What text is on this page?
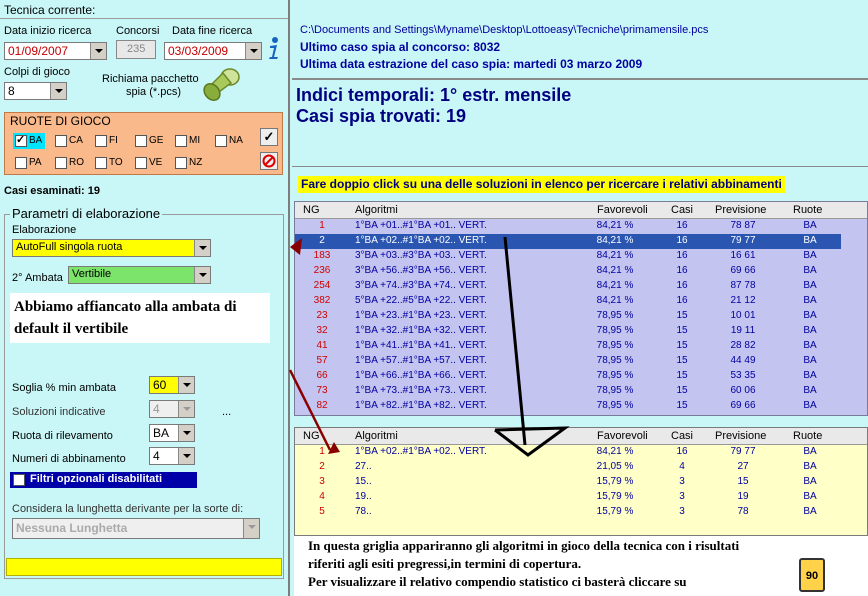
Tecnica corrente:
Data inizio ricerca
01/09/2007
Concorsi
235
Data fine ricerca
03/03/2009
Colpi di gioco
8
Richiama pacchetto
spia (*.pcs)
RUOTE DI GIOCO
✓
BA	CA	FI	GE	MI	NA
PA	RO	TO	VE	NZ
✓
Casi esaminati: 19
Parametri di elaborazione
Elaborazione
AutoFull singola ruota
2° Ambata Vertibile
Abbiamo affiancato alla ambata di default il vertibile
Soglia % min ambata	60
Soluzioni indicative	4	...
Ruota di rilevamento	BA
Numeri di abbinamento 4
Filtri opzionali disabilitati
Considera la lunghetta derivante per la sorte di:
Nessuna Lunghetta
C:\Documents and Settings\Myname\Desktop\Lottoeasy\Tecniche\primamensile.pcs
Ultimo caso spia al concorso: 8032
Ultima data estrazione del caso spia: martedi 03 marzo 2009
Indici temporali: 1° estr. mensile
Casi spia trovati: 19
Fare doppio click su una delle soluzioni in elenco per ricercare i relativi abbinamenti
NG	Algoritmi	Favorevoli Casi Previsione Ruote
1	1°BA +01..#1°BA +01.. VERT.	84,21 %	16	78 87	BA
2	1°BA +02..#1°BA +02.. VERT.	84,21 %	16	79 77	BA
183	3°BA +03..#3°BA +03.. VERT.	84,21 %	16	16 61	BA
236	3°BA +56..#3°BA +56.. VERT.	84,21 %	16	69 66	BA
254	3°BA +74..#3°BA +74.. VERT.	84,21 %	16	87 78	BA
382	5°BA +22..#5°BA +22.. VERT.	84,21 %	16	21 12	BA
23	1°BA +23..#1°BA +23.. VERT.	78,95 %	15	10 01	BA
32	1°BA +32..#1°BA +32.. VERT.	78,95 %	15	19 11	BA
41	1°BA +41..#1°BA +41.. VERT.	78,95 %	15	28 82	BA
57	1°BA +57..#1°BA +57.. VERT.	78,95 %	15	44 49	BA
66	1°BA +66..#1°BA +66.. VERT.	78,95 %	15	53 35	BA
73	1°BA +73..#1°BA +73.. VERT.	78,95 %	15	60 06	BA
82	1°BA +82..#1°BA +82.. VERT.	78,95 %	15	69 66	BA
NG	Algoritmi	Favorevoli Casi Previsione Ruote
1	1°BA +02..#1°BA +02.. VERT.	84,21 %	16	79 77	BA
2	27..	21,05 %	4	27	BA
3	15..	15,79 %	3	15	BA
4	19..	15,79 %	3	19	BA
5	78..	15,79 %	3	78	BA
In questa griglia appariranno gli algoritmi in gioco della tecnica con i risultati
riferiti agli esiti pregressi,in termini di copertura.
Per visualizzare il relativo compendio statistico ci basterà cliccare su	90
